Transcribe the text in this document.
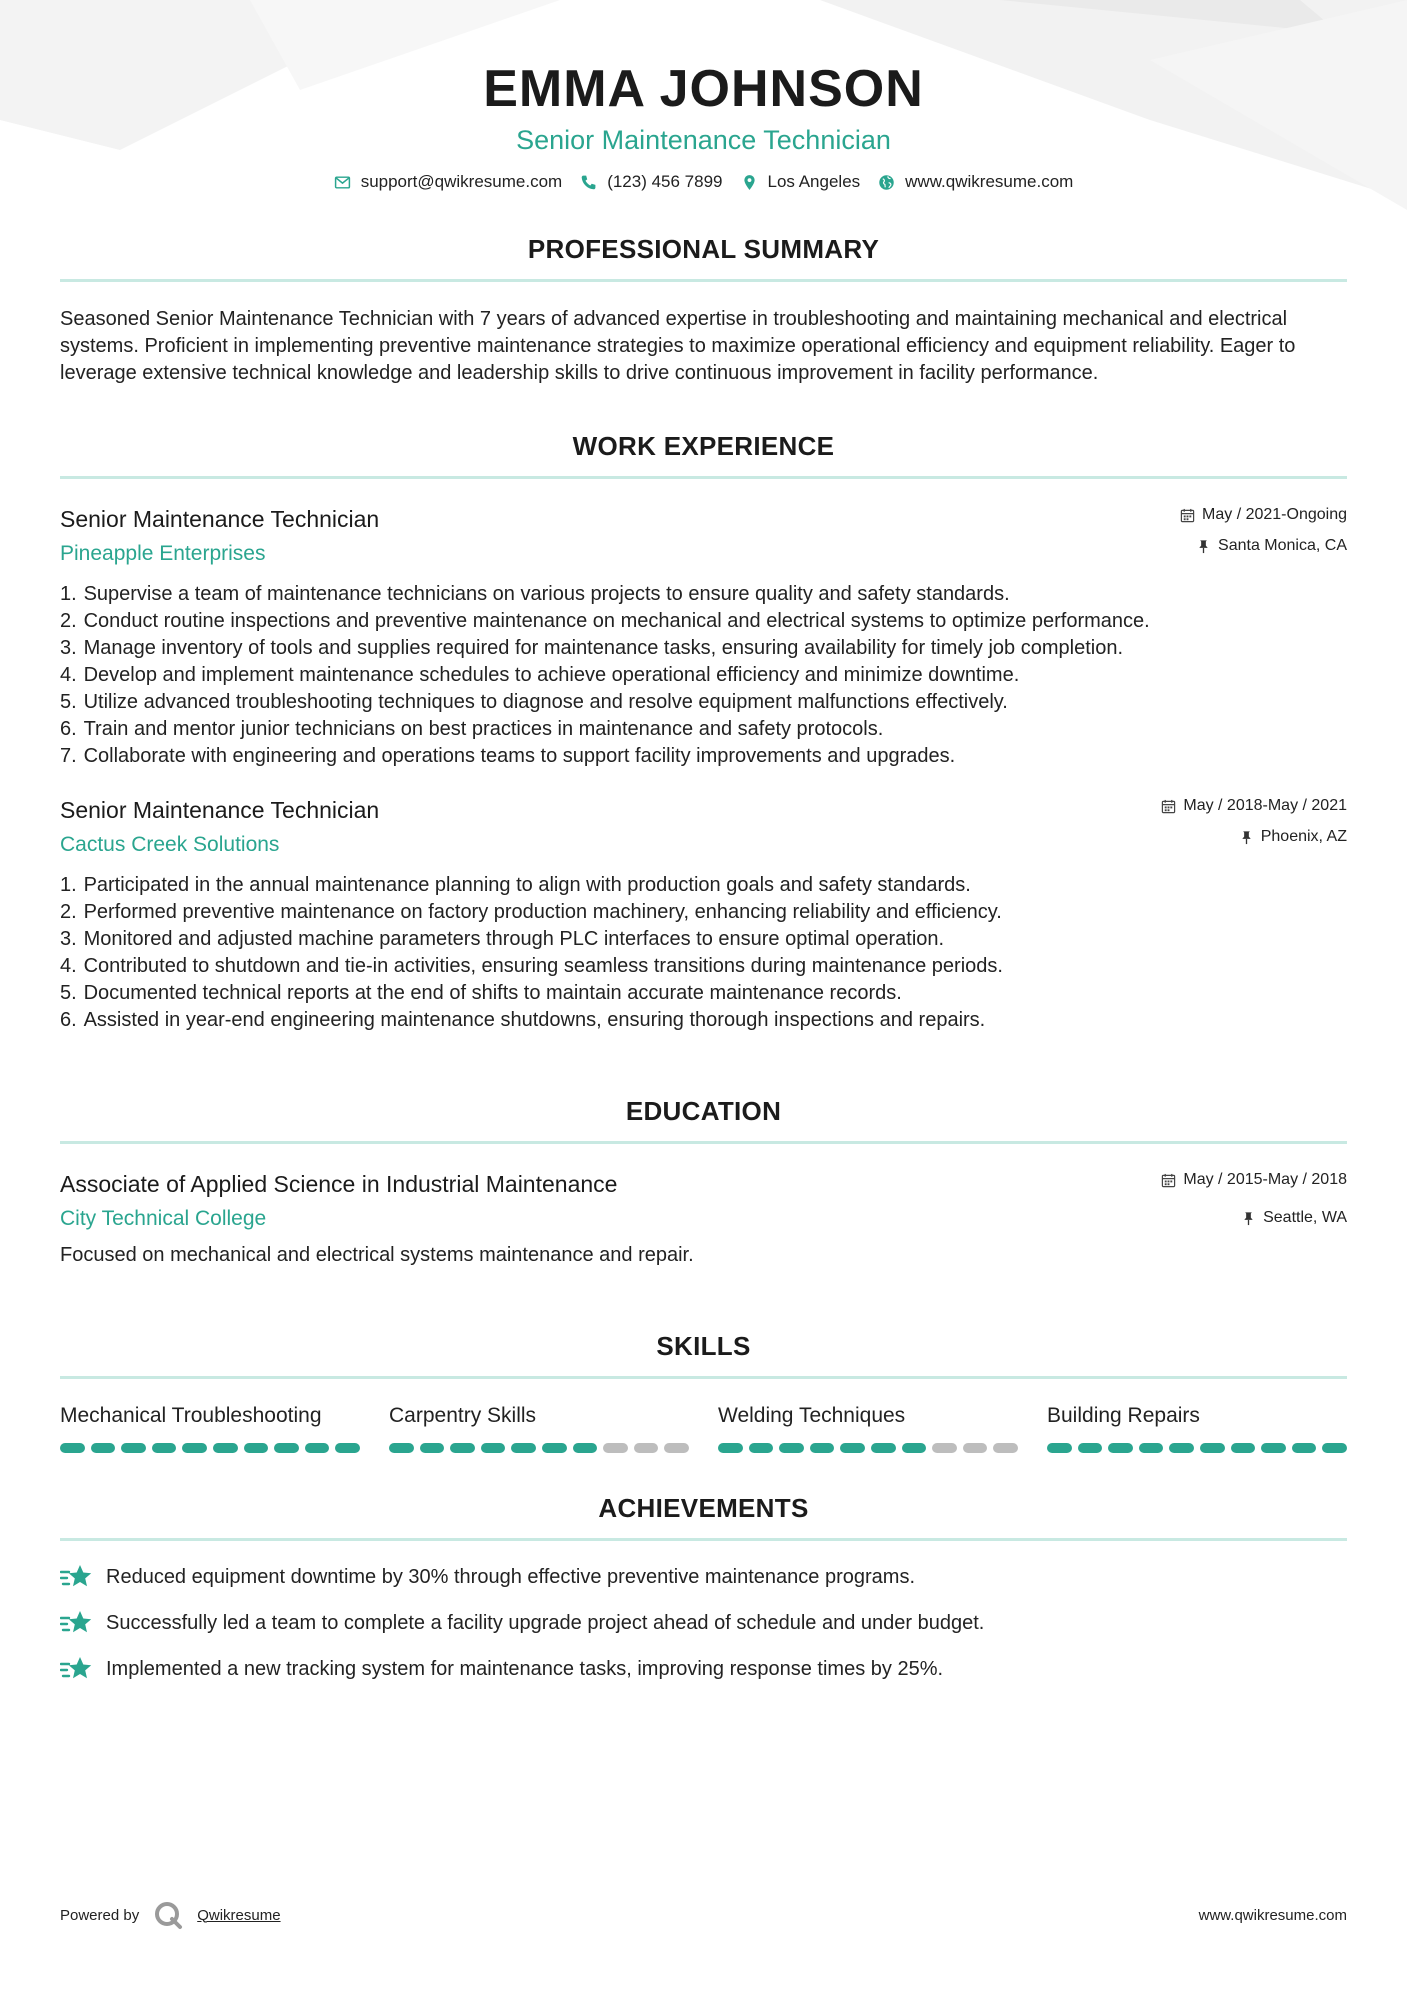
EMMA JOHNSON
Senior Maintenance Technician
support@qwikresume.com	(123) 456 7899	Los Angeles	www.qwikresume.com
PROFESSIONAL SUMMARY

Seasoned Senior Maintenance Technician with 7 years of advanced expertise in troubleshooting and maintaining mechanical and electrical systems. Proficient in implementing preventive maintenance strategies to maximize operational efficiency and equipment reliability. Eager to leverage extensive technical knowledge and leadership skills to drive continuous improvement in facility performance.

WORK EXPERIENCE
Senior Maintenance Technician
Pineapple Enterprises
May / 2021-Ongoing
Santa Monica, CA
1.
Supervise a team of maintenance technicians on various projects to ensure quality and safety standards.
2.
Conduct routine inspections and preventive maintenance on mechanical and electrical systems to optimize performance.
3.
Manage inventory of tools and supplies required for maintenance tasks, ensuring availability for timely job completion.
4.
Develop and implement maintenance schedules to achieve operational efficiency and minimize downtime.
5.
Utilize advanced troubleshooting techniques to diagnose and resolve equipment malfunctions effectively.
6.
Train and mentor junior technicians on best practices in maintenance and safety protocols.
7.
Collaborate with engineering and operations teams to support facility improvements and upgrades.
Senior Maintenance Technician
Cactus Creek Solutions
May / 2018-May / 2021
Phoenix, AZ
1.
Participated in the annual maintenance planning to align with production goals and safety standards.
2.
Performed preventive maintenance on factory production machinery, enhancing reliability and efficiency.
3.
Monitored and adjusted machine parameters through PLC interfaces to ensure optimal operation.
4.
Contributed to shutdown and tie-in activities, ensuring seamless transitions during maintenance periods.
5.
Documented technical reports at the end of shifts to maintain accurate maintenance records.
6.
Assisted in year-end engineering maintenance shutdowns, ensuring thorough inspections and repairs.
EDUCATION
Associate of Applied Science in Industrial Maintenance
City Technical College
May / 2015-May / 2018
Seattle, WA

Focused on mechanical and electrical systems maintenance and repair.

SKILLS
Mechanical Troubleshooting	Carpentry Skills	Welding Techniques	Building Repairs
ACHIEVEMENTS
Reduced equipment downtime by 30% through effective preventive maintenance programs.
Successfully led a team to complete a facility upgrade project ahead of schedule and under budget.
Implemented a new tracking system for maintenance tasks, improving response times by 25%.
Powered by	Qwikresume	www.qwikresume.com
